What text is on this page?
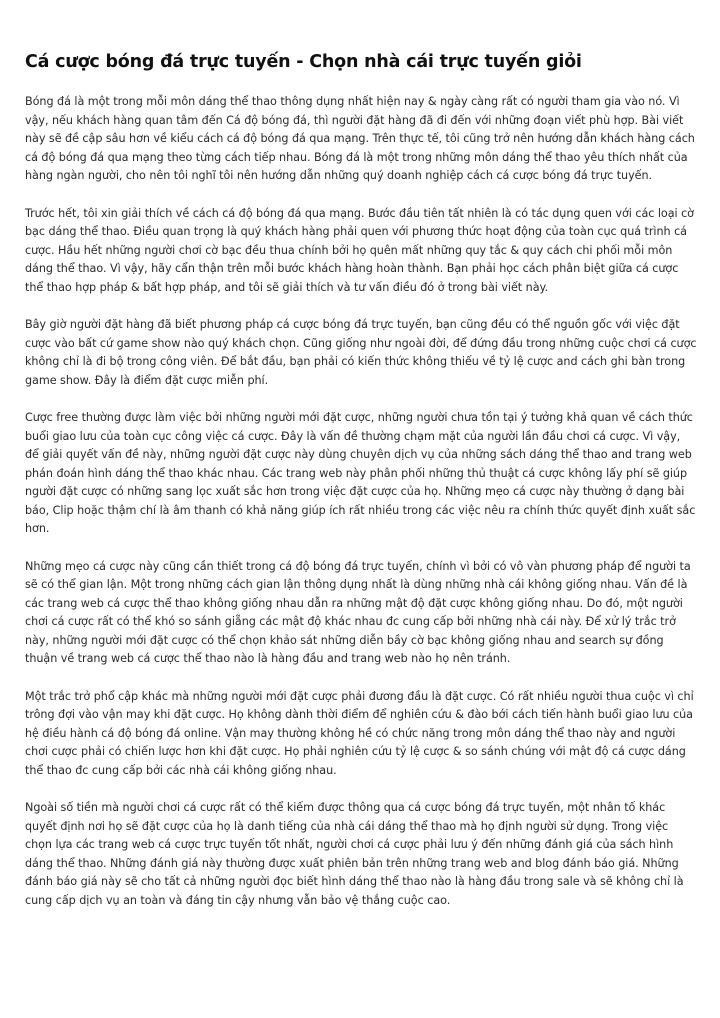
Cá cược bóng đá trực tuyến - Chọn nhà cái trực tuyến giỏi

Bóng đá là một trong mỗi môn dáng thể thao thông dụng nhất hiện nay & ngày càng rất có người tham gia vào nó. Vì vậy, nếu khách hàng quan tâm đến Cá độ bóng đá, thì người đặt hàng đã đi đến với những đoạn viết phù hợp. Bài viết này sẽ đề cập sâu hơn về kiểu cách cá độ bóng đá qua mạng. Trên thực tế, tôi cũng trở nên hướng dẫn khách hàng cách cá độ bóng đá qua mạng theo từng cách tiếp nhau. Bóng đá là một trong những môn dáng thể thao yêu thích nhất của hàng ngàn người, cho nên tôi nghĩ tôi nên hướng dẫn những quý doanh nghiệp cách cá cược bóng đá trực tuyến.

Trước hết, tôi xin giải thích về cách cá độ bóng đá qua mạng. Bước đầu tiên tất nhiên là có tác dụng quen với các loại cờ bạc dáng thể thao. Điều quan trọng là quý khách hàng phải quen với phương thức hoạt động của toàn cục quá trình cá cược. Hầu hết những người chơi cờ bạc đều thua chính bởi họ quên mất những quy tắc & quy cách chi phối mỗi môn dáng thể thao. Vì vậy, hãy cẩn thận trên mỗi bước khách hàng hoàn thành. Bạn phải học cách phân biệt giữa cá cược thể thao hợp pháp & bất hợp pháp, and tôi sẽ giải thích và tư vấn điều đó ở trong bài viết này.

Bây giờ người đặt hàng đã biết phương pháp cá cược bóng đá trực tuyến, bạn cũng đều có thể nguồn gốc với việc đặt cược vào bất cứ game show nào quý khách chọn. Cũng giống như ngoài đời, để đứng đầu trong những cuộc chơi cá cược không chỉ là đi bộ trong công viên. Để bắt đầu, bạn phải có kiến thức không thiếu về tỷ lệ cược and cách ghi bàn trong game show. Đây là điểm đặt cược miễn phí.

Cược free thường được làm việc bởi những người mới đặt cược, những người chưa tồn tại ý tưởng khả quan về cách thức buổi giao lưu của toàn cục công việc cá cược. Đây là vấn đề thường chạm mặt của người lần đầu chơi cá cược. Vì vậy, để giải quyết vấn đề này, những người đặt cược này dùng chuyên dịch vụ của những sách dáng thể thao and trang web phán đoán hình dáng thể thao khác nhau. Các trang web này phân phối những thủ thuật cá cược không lấy phí sẽ giúp người đặt cược có những sang lọc xuất sắc hơn trong việc đặt cược của họ. Những mẹo cá cược này thường ở dạng bài báo, Clip hoặc thậm chí là âm thanh có khả năng giúp ích rất nhiều trong các việc nêu ra chính thức quyết định xuất sắc hơn.

Những mẹo cá cược này cũng cần thiết trong cá độ bóng đá trực tuyến, chính vì bởi có vô vàn phương pháp để người ta sẽ có thể gian lận. Một trong những cách gian lận thông dụng nhất là dùng những nhà cái không giống nhau. Vấn đề là các trang web cá cược thể thao không giống nhau dẫn ra những mật độ đặt cược không giống nhau. Do đó, một người chơi cá cược rất có thể khó so sánh giẵng các mật độ khác nhau đc cung cấp bởi những nhà cái này. Để xử lý trắc trở này, những người mới đặt cược có thể chọn khảo sát những diễn bầy cờ bạc không giống nhau and search sự đồng thuận về trang web cá cược thể thao nào là hàng đầu and trang web nào họ nên tránh.

Một trắc trở phổ cập khác mà những người mới đặt cược phải đương đầu là đặt cược. Có rất nhiều người thua cuộc vì chỉ trông đợi vào vận may khi đặt cược. Họ không dành thời điểm để nghiên cứu & đào bới cách tiến hành buổi giao lưu của hệ điều hành cá độ bóng đá online. Vận may thường không hề có chức năng trong môn dáng thể thao này and người chơi cược phải có chiến lược hơn khi đặt cược. Họ phải nghiên cứu tỷ lệ cược & so sánh chúng với mật độ cá cược dáng thể thao đc cung cấp bởi các nhà cái không giống nhau.

Ngoài số tiền mà người chơi cá cược rất có thể kiếm được thông qua cá cược bóng đá trực tuyến, một nhân tố khác quyết định nơi họ sẽ đặt cược của họ là danh tiếng của nhà cái dáng thể thao mà họ định người sử dụng. Trong việc chọn lựa các trang web cá cược trực tuyến tốt nhất, người chơi cá cược phải lưu ý đến những đánh giá của sách hình dáng thể thao. Những đánh giá này thường được xuất phiên bản trên những trang web and blog đánh báo giá. Những đánh báo giá này sẽ cho tất cả những người đọc biết hình dáng thể thao nào là hàng đầu trong sale và sẽ không chỉ là cung cấp dịch vụ an toàn và đáng tin cậy nhưng vẫn bảo vệ thắng cuộc cao.
